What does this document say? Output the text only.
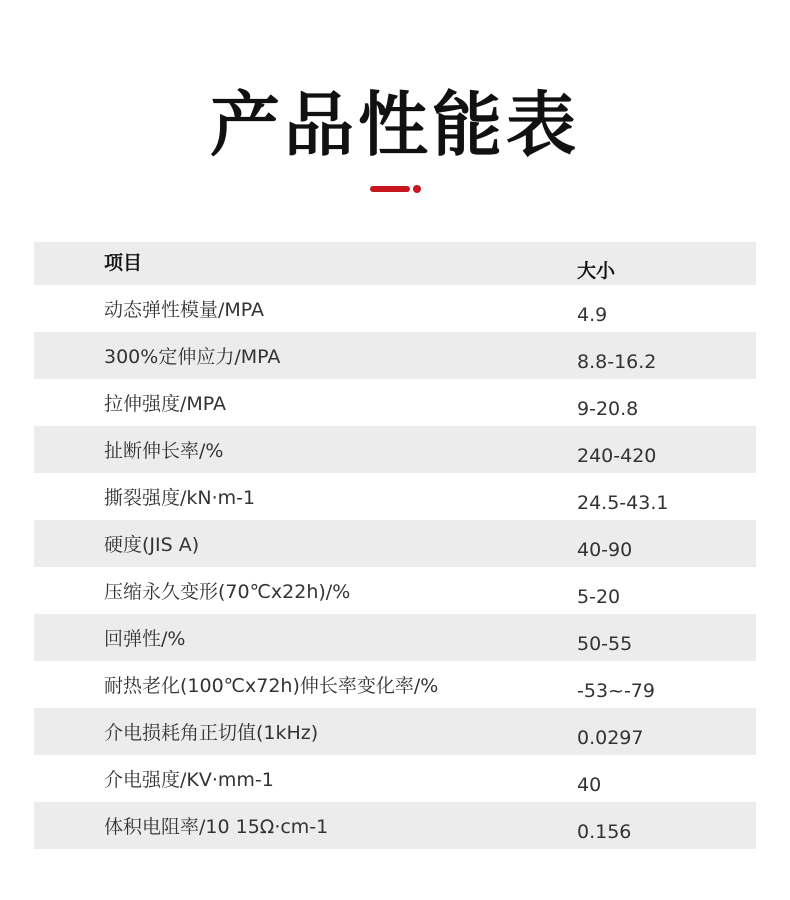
产品性能表
项目	大小
动态弹性模量/MPA	4.9
300%定伸应力/MPA	8.8-16.2
拉伸强度/MPA	9-20.8
扯断伸长率/%	240-420
撕裂强度/kN·m-1	24.5-43.1
硬度(JIS A)	40-90
压缩永久变形(70℃x22h)/%	5-20
回弹性/%	50-55
耐热老化(100℃x72h)伸长率变化率/%	-53~-79
介电损耗角正切值(1kHz)	0.0297
介电强度/KV·mm-1	40
体积电阻率/10 15Ω·cm-1	0.156
